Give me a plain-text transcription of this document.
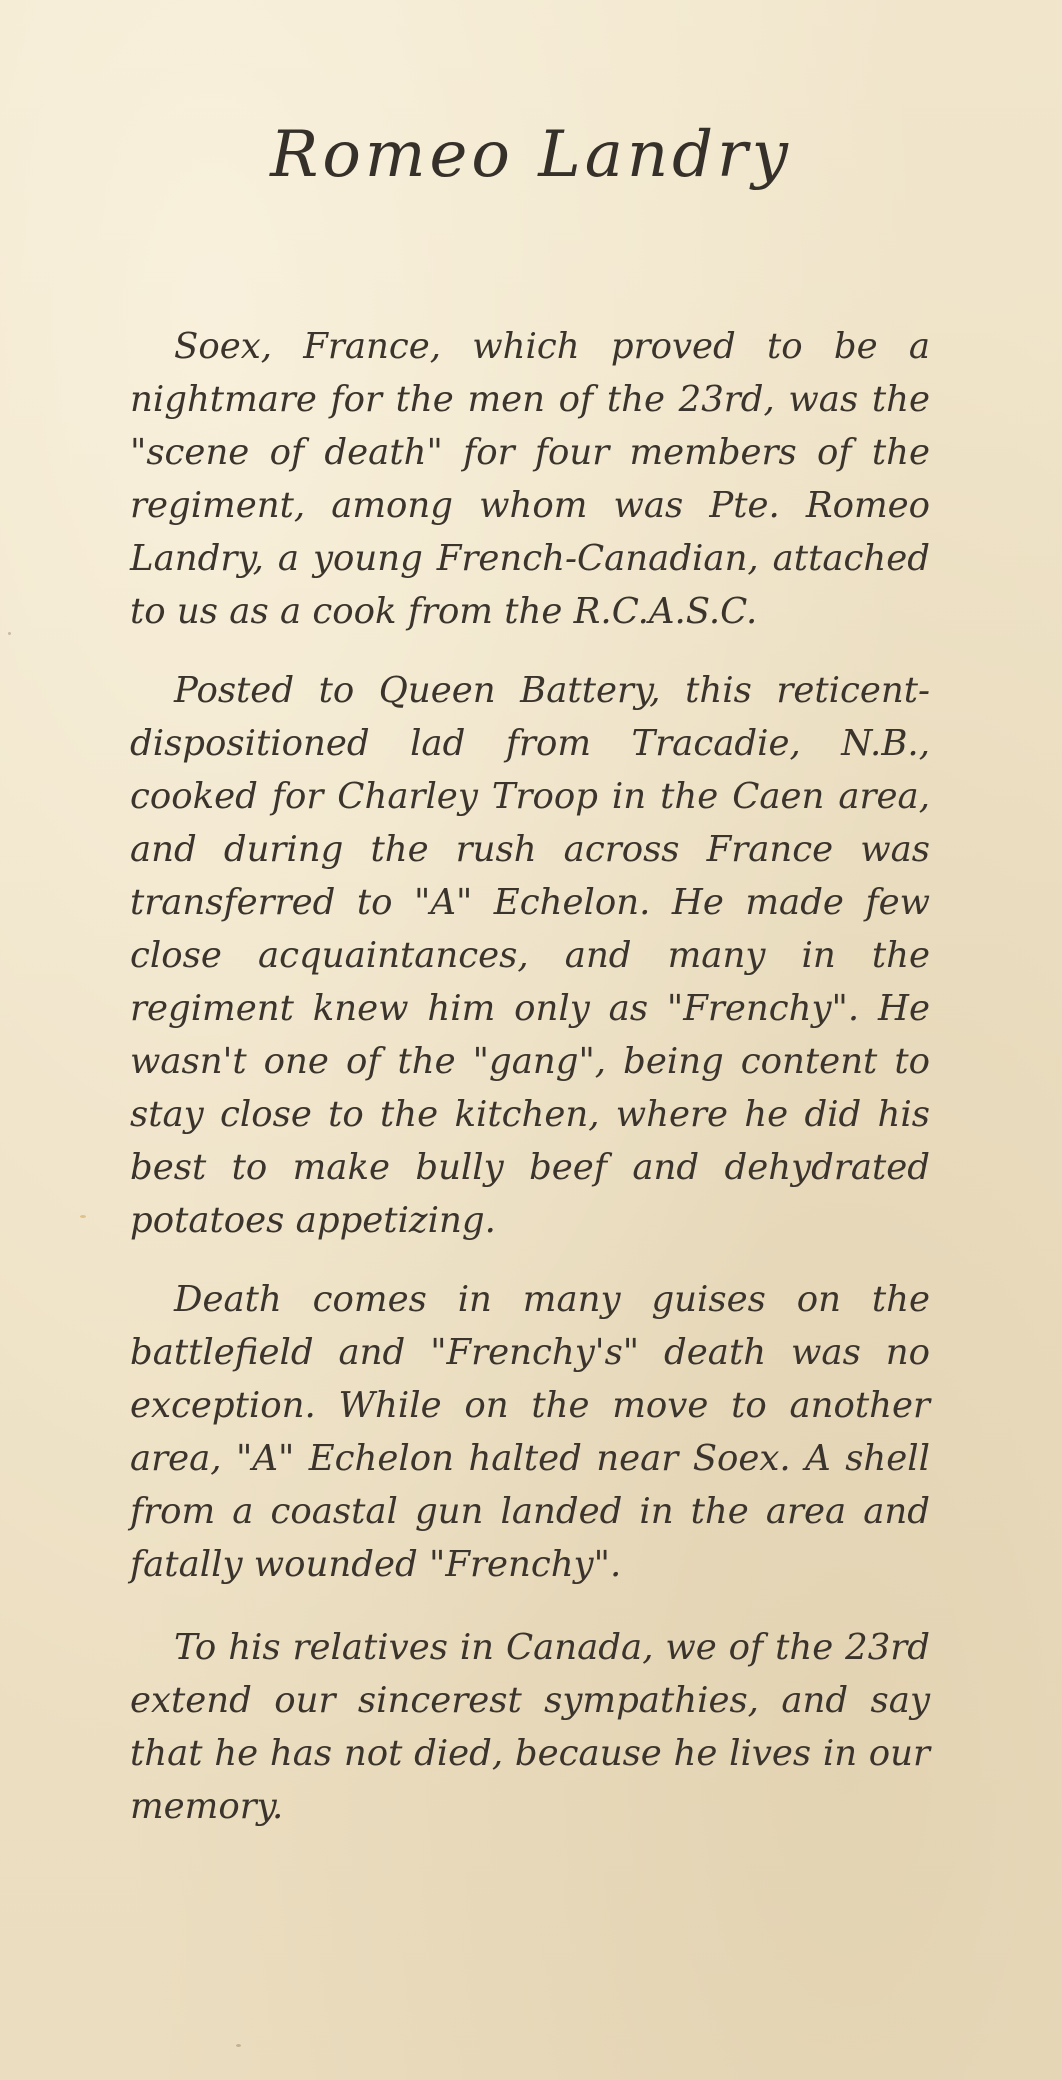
Romeo Landry

Soex, France, which proved to be a nightmare for the men of the 23rd, was the "scene of death" for four members of the regiment, among whom was Pte. Romeo Landry, a young French-Canadian, attached to us as a cook from the R.C.A.S.C.

Posted to Queen Battery, this reticent-dispositioned lad from Tracadie, N.B., cooked for Charley Troop in the Caen area, and during the rush across France was transferred to "A" Echelon. He made few close acquaintances, and many in the regiment knew him only as "Frenchy". He wasn't one of the "gang", being content to stay close to the kitchen, where he did his best to make bully beef and dehydrated potatoes appetizing.

Death comes in many guises on the battlefield and "Frenchy's" death was no exception. While on the move to another area, "A" Echelon halted near Soex. A shell from a coastal gun landed in the area and fatally wounded "Frenchy".

To his relatives in Canada, we of the 23rd extend our sincerest sympathies, and say that he has not died, because he lives in our memory.
